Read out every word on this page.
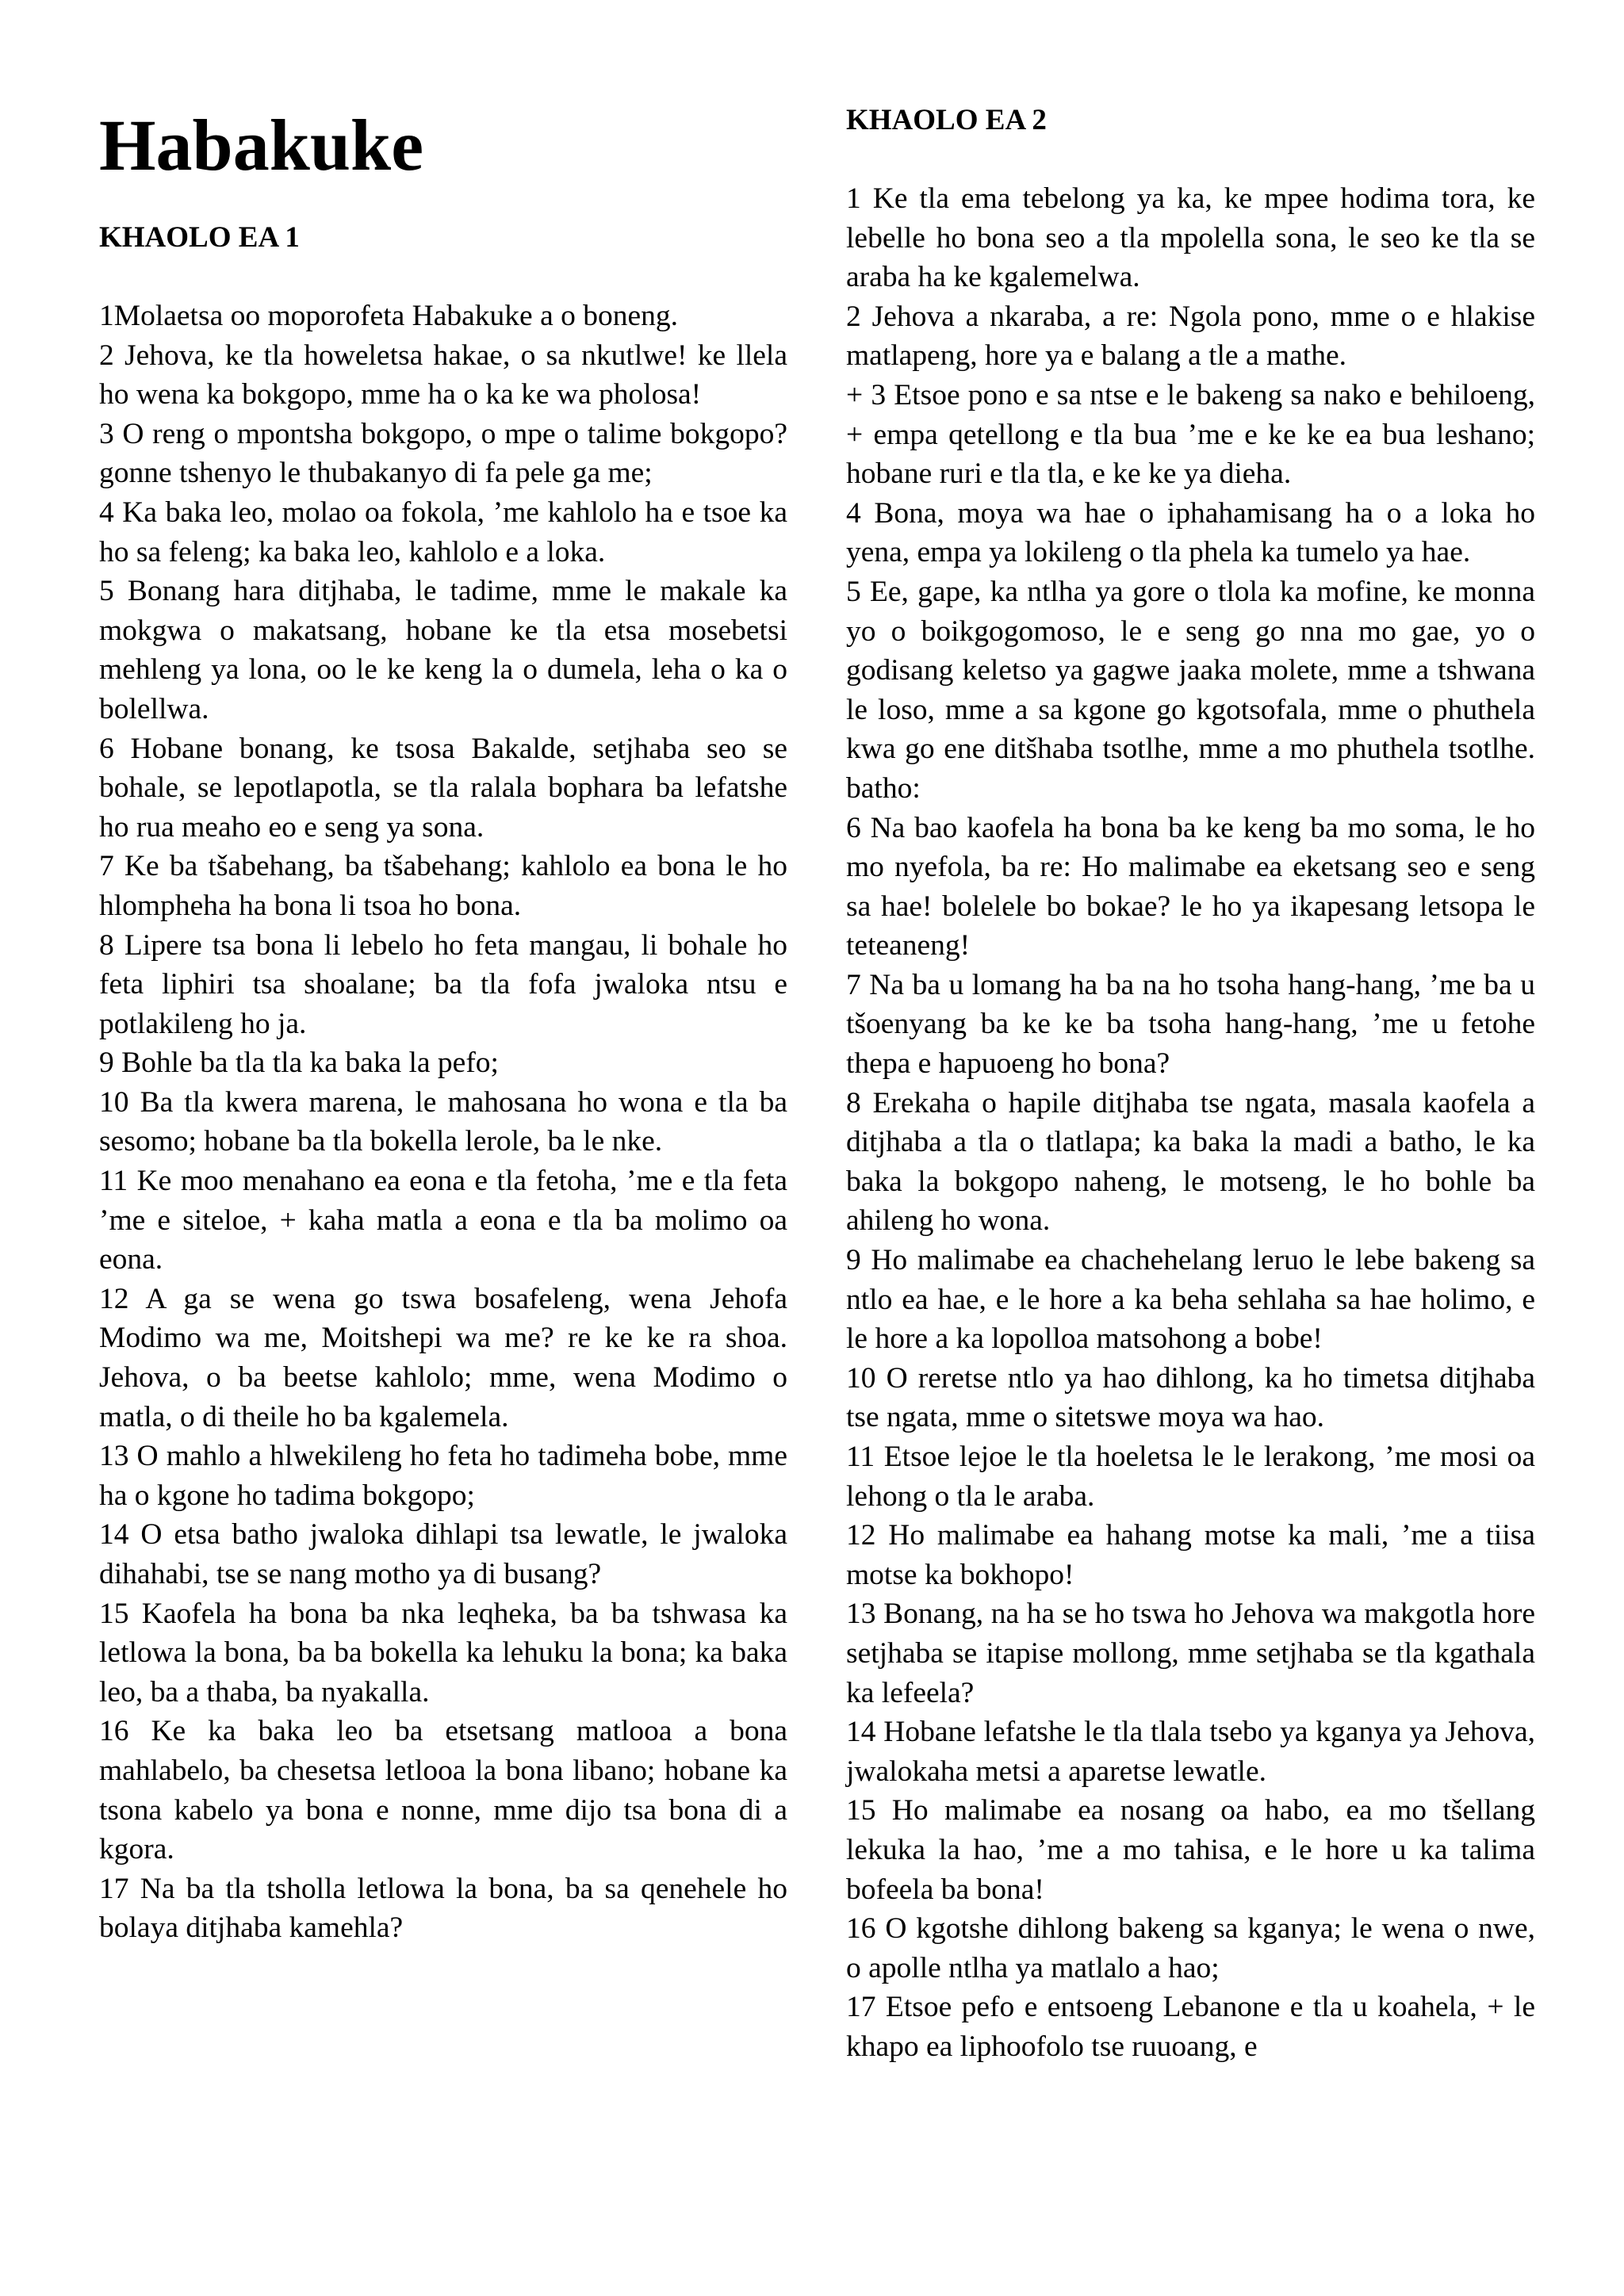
Habakuke
KHAOLO EA 1

1Molaetsa oo moporofeta Habakuke a o boneng.

2 Jehova, ke tla howeletsa hakae, o sa nkutlwe! ke llela ho wena ka bokgopo, mme ha o ka ke wa pholosa!

3 O reng o mpontsha bokgopo, o mpe o talime bokgopo? gonne tshenyo le thubakanyo di fa pele ga me;

4 Ka baka leo, molao oa fokola, ’me kahlolo ha e tsoe ka ho sa feleng; ka baka leo, kahlolo e a loka.

5 Bonang hara ditjhaba, le tadime, mme le makale ka mokgwa o makatsang, hobane ke tla etsa mosebetsi mehleng ya lona, oo le ke keng la o dumela, leha o ka o bolellwa.

6 Hobane bonang, ke tsosa Bakalde, setjhaba seo se bohale, se lepotlapotla, se tla ralala bophara ba lefatshe ho rua meaho eo e seng ya sona.

7 Ke ba tšabehang, ba tšabehang; kahlolo ea bona le ho hlompheha ha bona li tsoa ho bona.

8 Lipere tsa bona li lebelo ho feta mangau, li bohale ho feta liphiri tsa shoalane; ba tla fofa jwaloka ntsu e potlakileng ho ja.

9 Bohle ba tla tla ka baka la pefo;

10 Ba tla kwera marena, le mahosana ho wona e tla ba sesomo; hobane ba tla bokella lerole, ba le nke.

11 Ke moo menahano ea eona e tla fetoha, ’me e tla feta ’me e siteloe, + kaha matla a eona e tla ba molimo oa eona.

12 A ga se wena go tswa bosafeleng, wena Jehofa Modimo wa me, Moitshepi wa me? re ke ke ra shoa. Jehova, o ba beetse kahlolo; mme, wena Modimo o matla, o di theile ho ba kgalemela.

13 O mahlo a hlwekileng ho feta ho tadimeha bobe, mme ha o kgone ho tadima bokgopo;

14 O etsa batho jwaloka dihlapi tsa lewatle, le jwaloka dihahabi, tse se nang motho ya di busang?

15 Kaofela ha bona ba nka leqheka, ba ba tshwasa ka letlowa la bona, ba ba bokella ka lehuku la bona; ka baka leo, ba a thaba, ba nyakalla.

16 Ke ka baka leo ba etsetsang matlooa a bona mahlabelo, ba chesetsa letlooa la bona libano; hobane ka tsona kabelo ya bona e nonne, mme dijo tsa bona di a kgora.

17 Na ba tla tsholla letlowa la bona, ba sa qenehele ho bolaya ditjhaba kamehla?

KHAOLO EA 2

1 Ke tla ema tebelong ya ka, ke mpee hodima tora, ke lebelle ho bona seo a tla mpolella sona, le seo ke tla se araba ha ke kgalemelwa.

2 Jehova a nkaraba, a re: Ngola pono, mme o e hlakise matlapeng, hore ya e balang a tle a mathe.

+ 3 Etsoe pono e sa ntse e le bakeng sa nako e behiloeng, + empa qetellong e tla bua ’me e ke ke ea bua leshano; hobane ruri e tla tla, e ke ke ya dieha.

4 Bona, moya wa hae o iphahamisang ha o a loka ho yena, empa ya lokileng o tla phela ka tumelo ya hae.

5 Ee, gape, ka ntlha ya gore o tlola ka mofine, ke monna yo o boikgogomoso, le e seng go nna mo gae, yo o godisang keletso ya gagwe jaaka molete, mme a tshwana le loso, mme a sa kgone go kgotsofala, mme o phuthela kwa go ene ditšhaba tsotlhe, mme a mo phuthela tsotlhe. batho:

6 Na bao kaofela ha bona ba ke keng ba mo soma, le ho mo nyefola, ba re: Ho malimabe ea eketsang seo e seng sa hae! bolelele bo bokae? le ho ya ikapesang letsopa le teteaneng!

7 Na ba u lomang ha ba na ho tsoha hang-hang, ’me ba u tšoenyang ba ke ke ba tsoha hang-hang, ’me u fetohe thepa e hapuoeng ho bona?

8 Erekaha o hapile ditjhaba tse ngata, masala kaofela a ditjhaba a tla o tlatlapa; ka baka la madi a batho, le ka baka la bokgopo naheng, le motseng, le ho bohle ba ahileng ho wona.

9 Ho malimabe ea chachehelang leruo le lebe bakeng sa ntlo ea hae, e le hore a ka beha sehlaha sa hae holimo, e le hore a ka lopolloa matsohong a bobe!

10 O reretse ntlo ya hao dihlong, ka ho timetsa ditjhaba tse ngata, mme o sitetswe moya wa hao.

11 Etsoe lejoe le tla hoeletsa le le lerakong, ’me mosi oa lehong o tla le araba.

12 Ho malimabe ea hahang motse ka mali, ’me a tiisa motse ka bokhopo!

13 Bonang, na ha se ho tswa ho Jehova wa makgotla hore setjhaba se itapise mollong, mme setjhaba se tla kgathala ka lefeela?

14 Hobane lefatshe le tla tlala tsebo ya kganya ya Jehova, jwalokaha metsi a aparetse lewatle.

15 Ho malimabe ea nosang oa habo, ea mo tšellang lekuka la hao, ’me a mo tahisa, e le hore u ka talima bofeela ba bona!

16 O kgotshe dihlong bakeng sa kganya; le wena o nwe, o apolle ntlha ya matlalo a hao;

17 Etsoe pefo e entsoeng Lebanone e tla u koahela, + le khapo ea liphoofolo tse ruuoang, e
